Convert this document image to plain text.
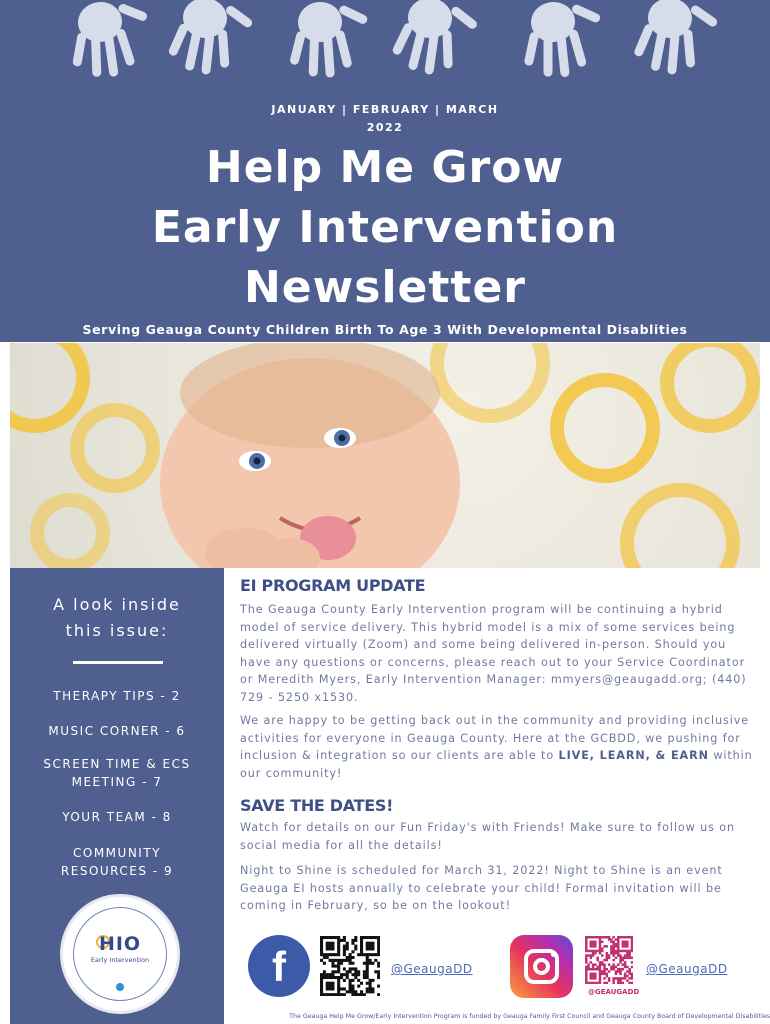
JANUARY | FEBRUARY | MARCH
2022
Help Me Grow
Early Intervention
Newsletter
Serving Geauga County Children Birth To Age 3 With Developmental Disablities
A look inside
this issue:
THERAPY TIPS - 2
MUSIC CORNER - 6
SCREEN TIME & ECS
MEETING - 7
YOUR TEAM - 8
COMMUNITY
RESOURCES - 9
HIO
Early Intervention
EI PROGRAM UPDATE

The Geauga County Early Intervention program will be continuing a hybrid model of service delivery. This hybrid model is a mix of some services being delivered virtually (Zoom) and some being delivered in-person. Should you have any questions or concerns, please reach out to your Service Coordinator or Meredith Myers, Early Intervention Manager: mmyers@geaugadd.org; (440) 729 - 5250 x1530.

We are happy to be getting back out in the community and providing inclusive activities for everyone in Geauga County. Here at the GCBDD, we pushing for inclusion & integration so our clients are able to LIVE, LEARN, & EARN within our community!

SAVE THE DATES!

Watch for details on our Fun Friday's with Friends! Make sure to follow us on social media for all the details!

Night to Shine is scheduled for March 31, 2022! Night to Shine is an event Geauga EI hosts annually to celebrate your child! Formal invitation will be coming in February, so be on the lookout!

f	@GeaugaDD
@GEAUGADD
@GeaugaDD
The Geauga Help Me Grow/Early Intervention Program is funded by Geauga Family First Council and Geauga County Board of Developmental Disabilities
